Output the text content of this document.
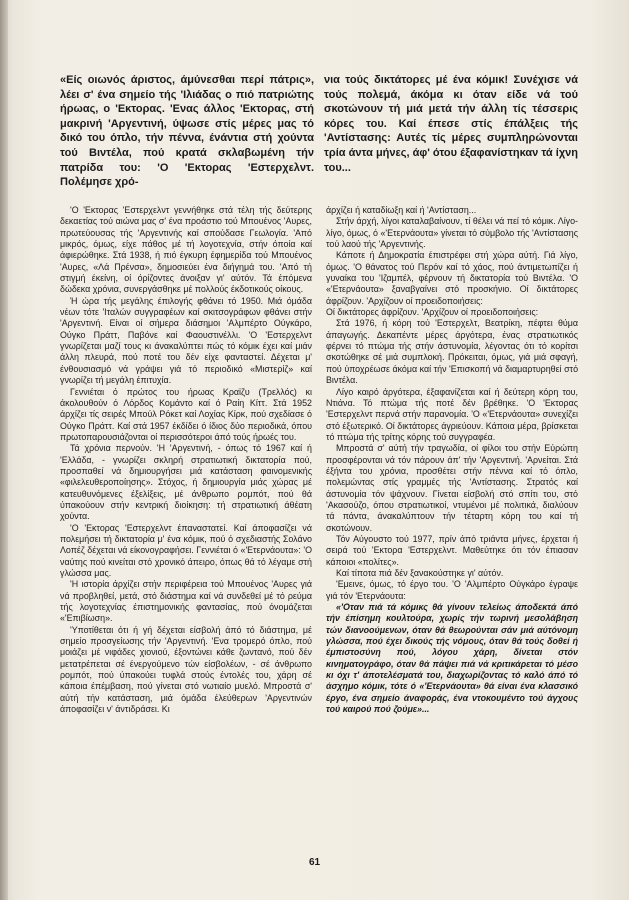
«Είς οιωνός άριστος, άμύνεσθαι περί πάτρις», λέει σ' ένα σημείο τής 'Ιλιάδας ο πιό πατριώτης ήρωας, ο 'Εκτορας. 'Ενας άλλος 'Εκτορας, στή μακρινή 'Αργεντινή, ύψωσε στίς μέρες μας τό δικό του όπλο, τήν πέννα, ένάντια στή χούντα τού Βιντέλα, πού κρατά σκλαβωμένη τήν πατρίδα του: 'Ο 'Εκτορας 'Εστερχελντ. Πολέμησε χρό-

νια τούς δικτάτορες μέ ένα κόμικ! Συνέχισε νά τούς πολεμά, άκόμα κι όταν είδε νά τού σκοτώνουν τή μιά μετά τήν άλλη τίς τέσσερις κόρες του. Καί έπεσε στίς έπάλξεις τής 'Αντίστασης: Αυτές τίς μέρες συμπληρώνονται τρία άντα μήνες, άφ' ότου έξαφανίστηκαν τά ίχνη του...

'Ο 'Εκτορας 'Εστερχελντ γεννήθηκε στά τέλη τής δεύτερης δεκαετίας τού αιώνα μας σ' ένα προάστιο τού Μπουένος 'Αυρες, πρωτεύουσας τής 'Αργεντινής καί σπούδασε Γεωλογία. 'Από μικρός, όμως, είχε πάθος μέ τή λογοτεχνία, στήν όποία καί άφιερώθηκε. Στά 1938, ή πιό έγκυρη έφημερίδα τού Μπουένος 'Αυρες, «Λά Πρένσα», δημοσιεύει ένα διήγημά του. 'Από τή στιγμή έκείνη, οί όρίζοντες άνοιξαν γι' αύτόν. Τά έπόμενα δώδεκα χρόνια, συνεργάσθηκε μέ πολλούς έκδοτικούς οίκους.

Ή ώρα τής μεγάλης έπιλογής φθάνει τό 1950. Μιά όμάδα νέων τότε 'Ιταλών συγγραφέων καί σκιτσογράφων φθάνει στήν 'Αργεντινή. Είναι οί σήμερα διάσημοι 'Αλμπέρτο Ούγκάρο, Ούγκο Πράττ, Παβόνε καί Φαουστινέλλι. 'Ο 'Εστερχελντ γνωρίζεται μαζί τους κι άνακαλύπτει πώς τό κόμικ έχει καί μιάν άλλη πλευρά, πού ποτέ του δέν είχε φανταστεί. Δέχεται μ' ένθουσιασμό νά γράψει γιά τό περιοδικό «Μιστερίζ» καί γνωρίζει τή μεγάλη έπιτυχία.

Γεννιέται ό πρώτος του ήρωας Κραϊζυ (Τρελλός) κι άκολουθούν ό Λόρδος Κομάντο καί ό Ραίη Κίττ. Στά 1952 άρχίζει τίς σειρές Μπούλ Ρόκετ καί Λοχίας Κίρκ, πού σχεδίασε ό Ούγκο Πράττ. Καί στά 1957 έκδίδει ό ίδιος δύο περιοδικά, όπου πρωτοπαρουσιάζονται οί περισσότεροι άπό τούς ήρωές του.

Τά χρόνια περνούν. 'Η 'Αργεντινή, - όπως τό 1967 καί ή 'Ελλάδα, - γνωρίζει σκληρή στρατιωτική δικτατορία πού, προσπαθεί νά δημιουργήσει μιά κατάσταση φαινομενικής «φιλελευθεροποίησης». Στόχος, ή δημιουργία μιάς χώρας μέ κατευθυνόμενες έξελίξεις, μέ άνθρωπο ρομπότ, πού θά ύπακούουν στήν κεντρική διοίκηση: τή στρατιωτική άθέατη χούντα.

'Ο 'Εκτορας 'Εστερχελντ έπαναστατεί. Καί άποφασίζει νά πολεμήσει τή δικτατορία μ' ένα κόμικ, πού ό σχεδιαστής Σολάνο Λοπέζ δέχεται νά είκονογραφήσει. Γεννιέται ό «'Ετερνάουτα»: 'Ο ναύτης πού κινείται στό χρονικό άπειρο, όπως θά τό λέγαμε στή γλώσσα μας.

'Η ιστορία άρχίζει στήν περιφέρεια τού Μπουένος 'Αυρες γιά νά προβληθεί, μετά, στό διάστημα καί νά συνδεθεί μέ τό ρεύμα τής λογοτεχνίας έπιστημονικής φαντασίας, πού όνομάζεται «'Επιβίωση».

'Υποτίθεται ότι ή γή δέχεται είσβολή άπό τό διάστημα, μέ σημείο προσγείωσης τήν 'Αργεντινή. 'Ενα τρομερό όπλο, πού μοιάζει μέ νιφάδες χιονιού, έξοντώνει κάθε ζωντανό, πού δέν μετατρέπεται σέ ένεργούμενο τών είσβολέων, - σέ άνθρωπο ρομπότ, πού ύπακούει τυφλά στούς έντολές του, χάρη σέ κάποια έπέμβαση, πού γίνεται στό νωτιαίο μυελό. Μπροστά σ' αύτή τήν κατάσταση, μιά όμάδα έλεύθερων 'Αργεντινών άποφασίζει ν' άντιδράσει. Κι

άρχίζει ή καταδίωξη καί ή 'Αντίσταση...

Στήν άρχή, λίγοι καταλαβαίνουν, τί θέλει νά πεί τό κόμικ. Λίγο-λίγο, όμως, ό «'Ετερνάουτα» γίνεται τό σύμβολο τής 'Αντίστασης τού λαού τής 'Αργεντινής.

Κάποτε ή Δημοκρατία έπιστρέφει στή χώρα αύτή. Γιά λίγο, όμως. 'Ο θάνατος τού Περόν καί τό χάος, πού άντιμετωπίζει ή γυναίκα του 'Ιζαμπέλ, φέρνουν τή δικτατορία τού Βιντέλα. 'Ο «'Ετερνάουτα» ξαναβγαίνει στό προσκήνιο. Οί δικτάτορες άφρίζουν. 'Αρχίζουν οί προειδοποιήσεις:

Οί δικτάτορες άφρίζουν. 'Αρχίζουν οί προειδοποιήσεις:

Στά 1976, ή κόρη τού 'Εστερχελτ, Βεατρίκη, πέφτει θύμα άπαγωγής. Δεκαπέντε μέρες άργότερα, ένας στρατιωτικός φέρνει τό πτώμα τής στήν άστυνομία, λέγοντας ότι τό κορίτσι σκοτώθηκε σέ μιά συμπλοκή. Πρόκειται, όμως, γιά μιά σφαγή, πού ύποχρέωσε άκόμα καί τήν 'Επισκοπή νά διαμαρτυρηθεί στό Βιντέλα.

Λίγο καιρό άργότερα, έξαφανίζεται καί ή δεύτερη κόρη του, Ντιάνα. Τό πτώμα τής ποτέ δέν βρέθηκε. 'Ο 'Εκτορας 'Εστερχελντ περνά στήν παρανομία. 'Ο «'Ετερνάουτα» συνεχίζει στό έξωτερικό. Οί δικτάτορες άγριεύουν. Κάποια μέρα, βρίσκεται τό πτώμα τής τρίτης κόρης τού συγγραφέα.

Μπροστά σ' αύτή τήν τραγωδία, οί φίλοι του στήν Εύρώπη προσφέρονται νά τόν πάρουν άπ' τήν 'Αργεντινή. 'Αρνείται. Στά έξήντα του χρόνια, προσθέτει στήν πέννα καί τό όπλο, πολεμώντας στίς γραμμές τής 'Αντίστασης. Στρατός καί άστυνομία τόν ψάχνουν. Γίνεται είσβολή στό σπίτι του, στό 'Ακασούζο, όπου στρατιωτικοί, ντυμένοι μέ πολιτικά, διαλύουν τά πάντα, άνακαλύπτουν τήν τέταρτη κόρη του καί τή σκοτώνουν.

Τόν Αύγουστο τού 1977, πρίν άπό τριάντα μήνες, έρχεται ή σειρά τού 'Εκτορα 'Εστερχελντ. Μαθεύτηκε ότι τόν έπιασαν κάποιοι «πολίτες».

Καί τίποτα πιά δέν ξανακούστηκε γι' αύτόν.

'Εμεινε, όμως, τό έργο του. 'Ο 'Αλμπέρτο Ούγκάρο έγραψε γιά τόν 'Ετερνάουτα:

«'Οταν πιά τά κόμικς θά γίνουν τελείως άποδεκτά άπό τήν έπίσημη κουλτούρα, χωρίς τήν τωρινή μεσολάβηση τών διανοούμενων, όταν θά θεωρούνται σάν μιά αύτόνομη γλώσσα, πού έχει δικούς τής νόμους, όταν θά τούς δοθεί ή έμπιστοσύνη πού, λόγου χάρη, δίνεται στόν κινηματογράφο, όταν θά πάψει πιά νά κριτικάρεται τό μέσο κι όχι τ' άποτελέσματά του, διαχωρίζοντας τό καλό άπό τό άσχημο κόμικ, τότε ό «'Ετερνάουτα» θά είναι ένα κλασσικό έργο, ένα σημείο άναφοράς, ένα ντοκουμέντο τού άγχους τού καιρού πού ζούμε»...

61
